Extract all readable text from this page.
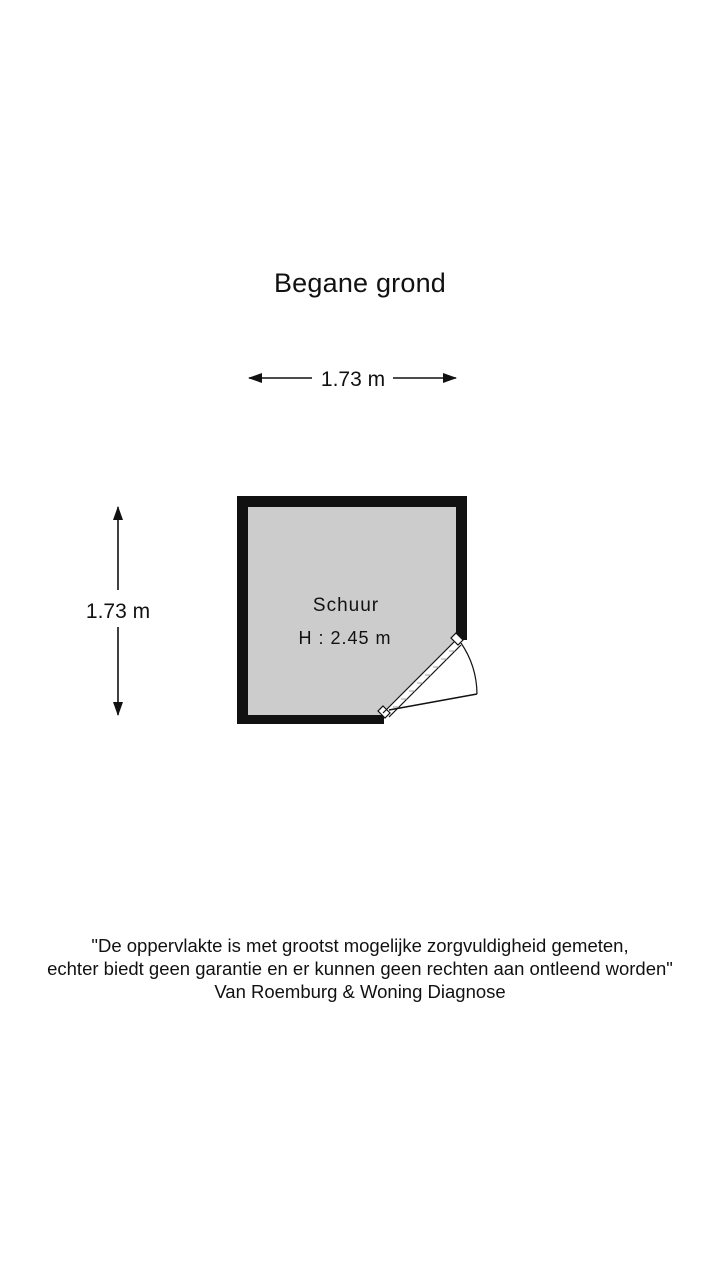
Begane grond
1.73 m
1.73 m	Schuur
H : 2.45 m
"De oppervlakte is met grootst mogelijke zorgvuldigheid gemeten,
echter biedt geen garantie en er kunnen geen rechten aan ontleend worden"
Van Roemburg & Woning Diagnose
